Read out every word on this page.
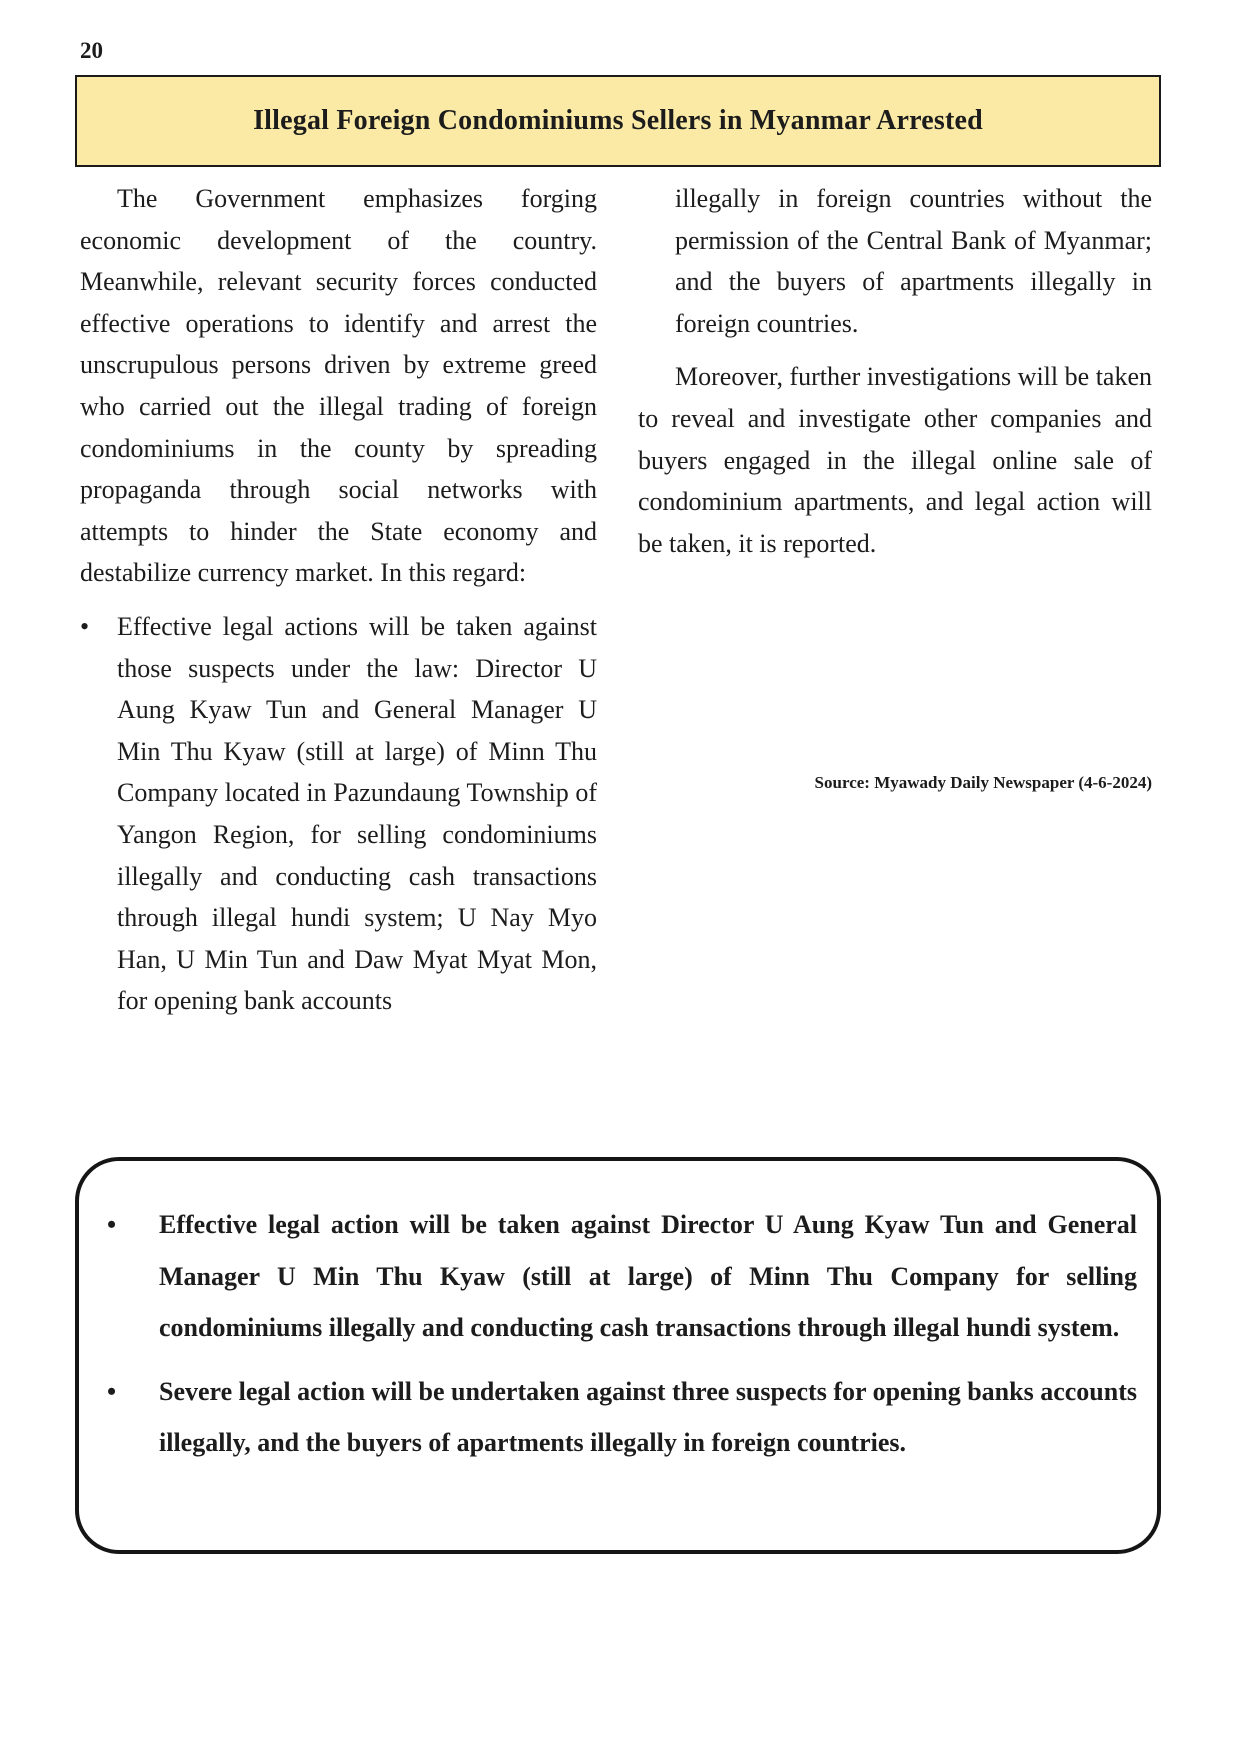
20
Illegal Foreign Condominiums Sellers in Myanmar Arrested

The Government emphasizes forging economic development of the country. Meanwhile, relevant security forces conducted effective operations to identify and arrest the unscrupulous persons driven by extreme greed who carried out the illegal trading of foreign condominiums in the county by spreading propaganda through social networks with attempts to hinder the State economy and destabilize currency market. In this regard:

•	Effective legal actions will be taken against those suspects under the law: Director U Aung Kyaw Tun and General Manager U Min Thu Kyaw (still at large) of Minn Thu Company located in Pazundaung Township of Yangon Region, for selling condominiums illegally and conducting cash transactions through illegal hundi system; U Nay Myo Han, U Min Tun and Daw Myat Myat Mon, for opening bank accounts

illegally in foreign countries without the permission of the Central Bank of Myanmar; and the buyers of apartments illegally in foreign countries.

Moreover, further investigations will be taken to reveal and investigate other companies and buyers engaged in the illegal online sale of condominium apartments, and legal action will be taken, it is reported.

Source: Myawady Daily Newspaper (4-6-2024)
• Effective legal action will be taken against Director U Aung Kyaw Tun and General Manager U Min Thu Kyaw (still at large) of Minn Thu Company for selling condominiums illegally and conducting cash transactions through illegal hundi system.
• Severe legal action will be undertaken against three suspects for opening banks accounts illegally, and the buyers of apartments illegally in foreign countries.
